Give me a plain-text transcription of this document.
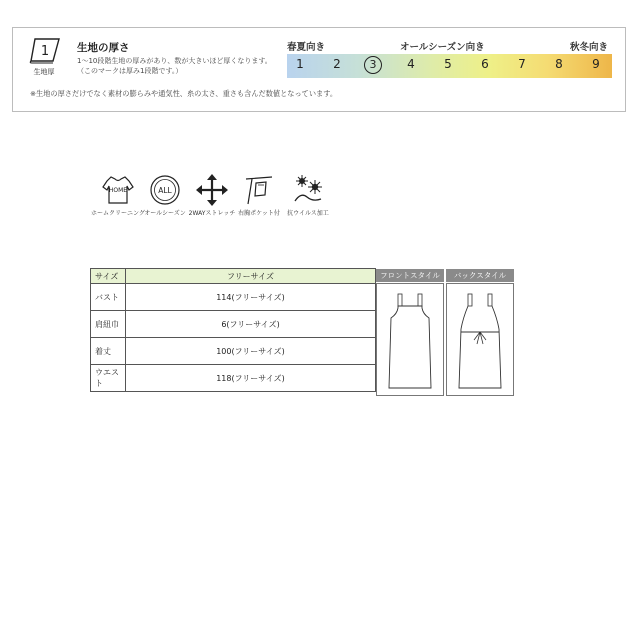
1
生地厚
生地の厚さ
1～10段階生地の厚みがあり、数が大きいほど厚くなります。
（このマークは厚み1段階です。）
※生地の厚さだけでなく素材の膨らみや通気性、糸の太さ、重さも含んだ数値となっています。
春夏向き	オールシーズン向き	秋冬向き
1	2	3	4	5	6	7	8	9
HOME
ホームクリーニング
ALL
オールシーズン 2WAYストレッチ 右胸ポケット付	抗ウイルス加工
サイズ	フリーサイズ
バスト	114(フリーサイズ)
肩紐巾	6(フリーサイズ)
着丈	100(フリーサイズ)
ウエスト	118(フリーサイズ)
フロントスタイル	バックスタイル
